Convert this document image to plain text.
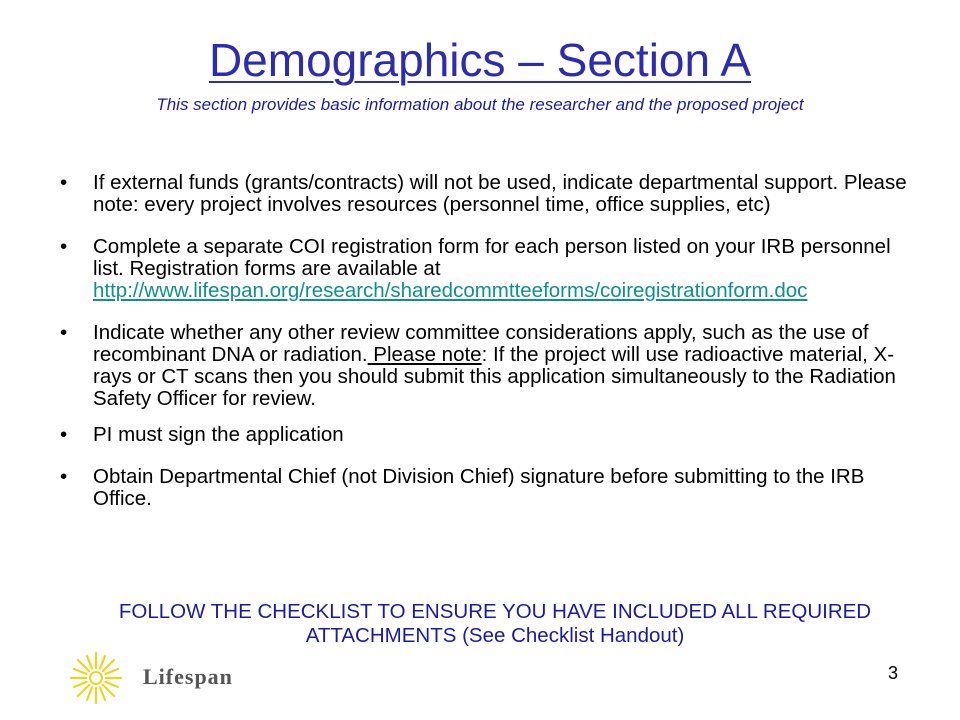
Demographics – Section A
This section provides basic information about the researcher and the proposed project
• If external funds (grants/contracts) will not be used, indicate departmental support. Please note: every project involves resources (personnel time, office supplies, etc)
• Complete a separate COI registration form for each person listed on your IRB personnel list. Registration forms are available at http://www.lifespan.org/research/sharedcommtteeforms/coiregistrationform.doc
• Indicate whether any other review committee considerations apply, such as the use of recombinant DNA or radiation. Please note: If the project will use radioactive material, X-rays or CT scans then you should submit this application simultaneously to the Radiation Safety Officer for review.
• PI must sign the application
• Obtain Departmental Chief (not Division Chief) signature before submitting to the IRB Office.
FOLLOW THE CHECKLIST TO ENSURE YOU HAVE INCLUDED ALL REQUIRED ATTACHMENTS (See Checklist Handout)
Lifespan	3
